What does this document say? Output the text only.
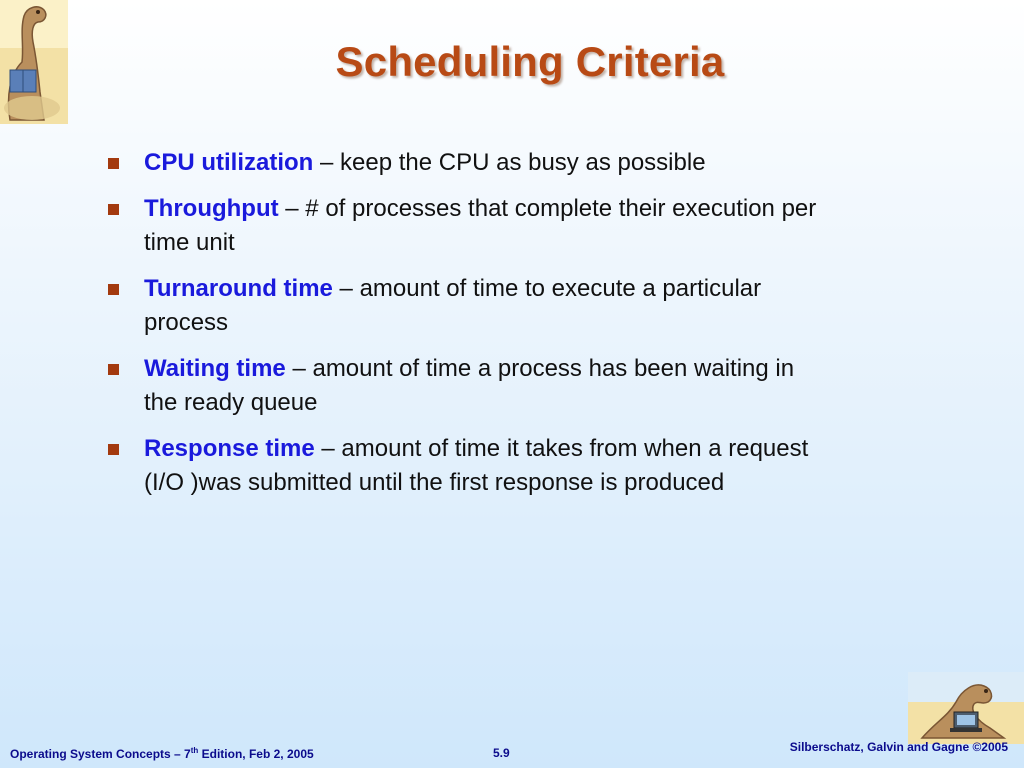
Scheduling Criteria
CPU utilization – keep the CPU as busy as possible
Throughput – # of processes that complete their execution per time unit
Turnaround time – amount of time to execute a particular process
Waiting time – amount of time a process has been waiting in the ready queue
Response time – amount of time it takes from when a request (I/O )was submitted until the first response is produced
Operating System Concepts – 7th Edition, Feb 2, 2005	5.9	Silberschatz, Galvin and Gagne ©2005
